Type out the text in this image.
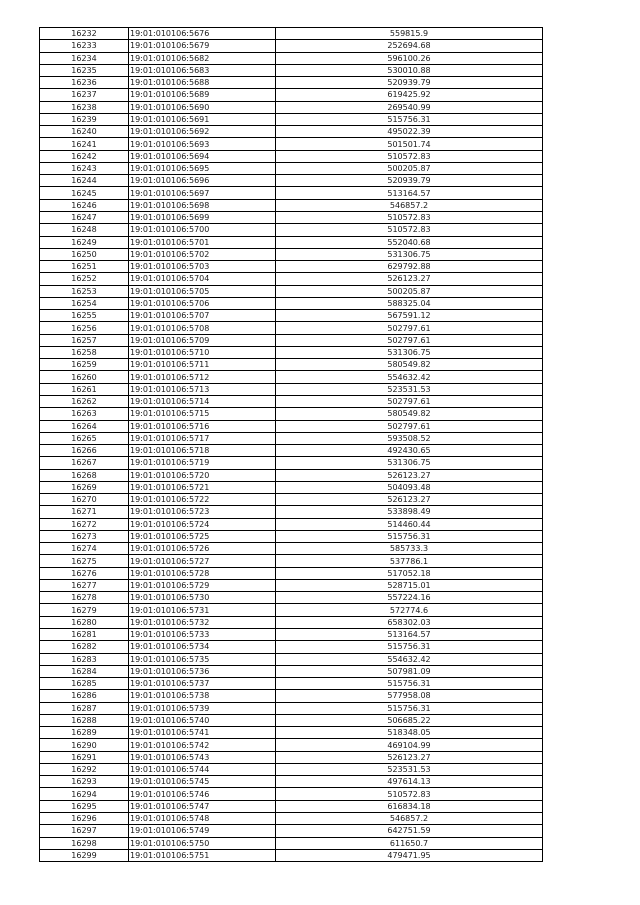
16232	19:01:010106:5676	559815.9
16233	19:01:010106:5679	252694.68
16234	19:01:010106:5682	596100.26
16235	19:01:010106:5683	530010.88
16236	19:01:010106:5688	520939.79
16237	19:01:010106:5689	619425.92
16238	19:01:010106:5690	269540.99
16239	19:01:010106:5691	515756.31
16240	19:01:010106:5692	495022.39
16241	19:01:010106:5693	501501.74
16242	19:01:010106:5694	510572.83
16243	19:01:010106:5695	500205.87
16244	19:01:010106:5696	520939.79
16245	19:01:010106:5697	513164.57
16246	19:01:010106:5698	546857.2
16247	19:01:010106:5699	510572.83
16248	19:01:010106:5700	510572.83
16249	19:01:010106:5701	552040.68
16250	19:01:010106:5702	531306.75
16251	19:01:010106:5703	629792.88
16252	19:01:010106:5704	526123.27
16253	19:01:010106:5705	500205.87
16254	19:01:010106:5706	588325.04
16255	19:01:010106:5707	567591.12
16256	19:01:010106:5708	502797.61
16257	19:01:010106:5709	502797.61
16258	19:01:010106:5710	531306.75
16259	19:01:010106:5711	580549.82
16260	19:01:010106:5712	554632.42
16261	19:01:010106:5713	523531.53
16262	19:01:010106:5714	502797.61
16263	19:01:010106:5715	580549.82
16264	19:01:010106:5716	502797.61
16265	19:01:010106:5717	593508.52
16266	19:01:010106:5718	492430.65
16267	19:01:010106:5719	531306.75
16268	19:01:010106:5720	526123.27
16269	19:01:010106:5721	504093.48
16270	19:01:010106:5722	526123.27
16271	19:01:010106:5723	533898.49
16272	19:01:010106:5724	514460.44
16273	19:01:010106:5725	515756.31
16274	19:01:010106:5726	585733.3
16275	19:01:010106:5727	537786.1
16276	19:01:010106:5728	517052.18
16277	19:01:010106:5729	528715.01
16278	19:01:010106:5730	557224.16
16279	19:01:010106:5731	572774.6
16280	19:01:010106:5732	658302.03
16281	19:01:010106:5733	513164.57
16282	19:01:010106:5734	515756.31
16283	19:01:010106:5735	554632.42
16284	19:01:010106:5736	507981.09
16285	19:01:010106:5737	515756.31
16286	19:01:010106:5738	577958.08
16287	19:01:010106:5739	515756.31
16288	19:01:010106:5740	506685.22
16289	19:01:010106:5741	518348.05
16290	19:01:010106:5742	469104.99
16291	19:01:010106:5743	526123.27
16292	19:01:010106:5744	523531.53
16293	19:01:010106:5745	497614.13
16294	19:01:010106:5746	510572.83
16295	19:01:010106:5747	616834.18
16296	19:01:010106:5748	546857.2
16297	19:01:010106:5749	642751.59
16298	19:01:010106:5750	611650.7
16299	19:01:010106:5751	479471.95
